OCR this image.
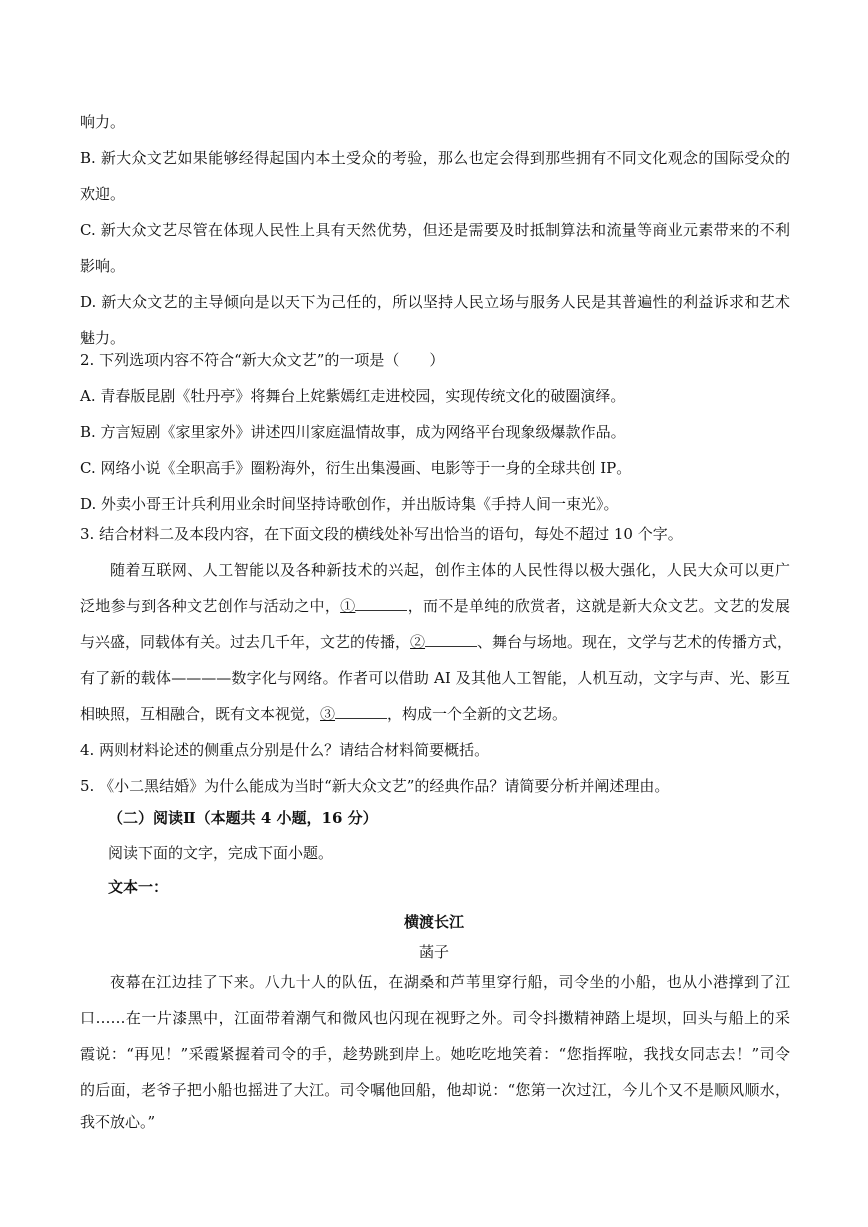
响力。
B. 新大众文艺如果能够经得起国内本土受众的考验，那么也定会得到那些拥有不同文化观念的国际受众的
欢迎。
C. 新大众文艺尽管在体现人民性上具有天然优势，但还是需要及时抵制算法和流量等商业元素带来的不利
影响。
D. 新大众文艺的主导倾向是以天下为己任的，所以坚持人民立场与服务人民是其普遍性的利益诉求和艺术
魅力。
2. 下列选项内容不符合“新大众文艺”的一项是（　　）
A. 青春版昆剧《牡丹亭》将舞台上姹紫嫣红走进校园，实现传统文化的破圈演绎。
B. 方言短剧《家里家外》讲述四川家庭温情故事，成为网络平台现象级爆款作品。
C. 网络小说《全职高手》圈粉海外，衍生出集漫画、电影等于一身的全球共创 IP。
D. 外卖小哥王计兵利用业余时间坚持诗歌创作，并出版诗集《手持人间一束光》。
3. 结合材料二及本段内容，在下面文段的横线处补写出恰当的语句，每处不超过 10 个字。
随着互联网、人工智能以及各种新技术的兴起，创作主体的人民性得以极大强化，人民大众可以更广
泛地参与到各种文艺创作与活动之中，①	，而不是单纯的欣赏者，这就是新大众文艺。文艺的发展
与兴盛，同载体有关。过去几千年，文艺的传播，②	、舞台与场地。现在，文学与艺术的传播方式，
有了新的载体————数字化与网络。作者可以借助 AI 及其他人工智能，人机互动，文字与声、光、影互
相映照，互相融合，既有文本视觉，③	，构成一个全新的文艺场。
4. 两则材料论述的侧重点分别是什么？请结合材料简要概括。
5. 《小二黑结婚》为什么能成为当时“新大众文艺”的经典作品？请简要分析并阐述理由。
（二）阅读Ⅱ（本题共 4 小题，16 分）
阅读下面的文字，完成下面小题。
文本一：
横渡长江
菡子
夜幕在江边挂了下来。八九十人的队伍，在湖桑和芦苇里穿行船，司令坐的小船，也从小港撑到了江
口……在一片漆黑中，江面带着潮气和微风也闪现在视野之外。司令抖擞精神踏上堤坝，回头与船上的采
霞说：“再见！”采霞紧握着司令的手，趁势跳到岸上。她吃吃地笑着：“您指挥啦，我找女同志去！”司令
的后面，老爷子把小船也摇进了大江。司令嘱他回船，他却说：“您第一次过江，今儿个又不是顺风顺水，
我不放心。”
